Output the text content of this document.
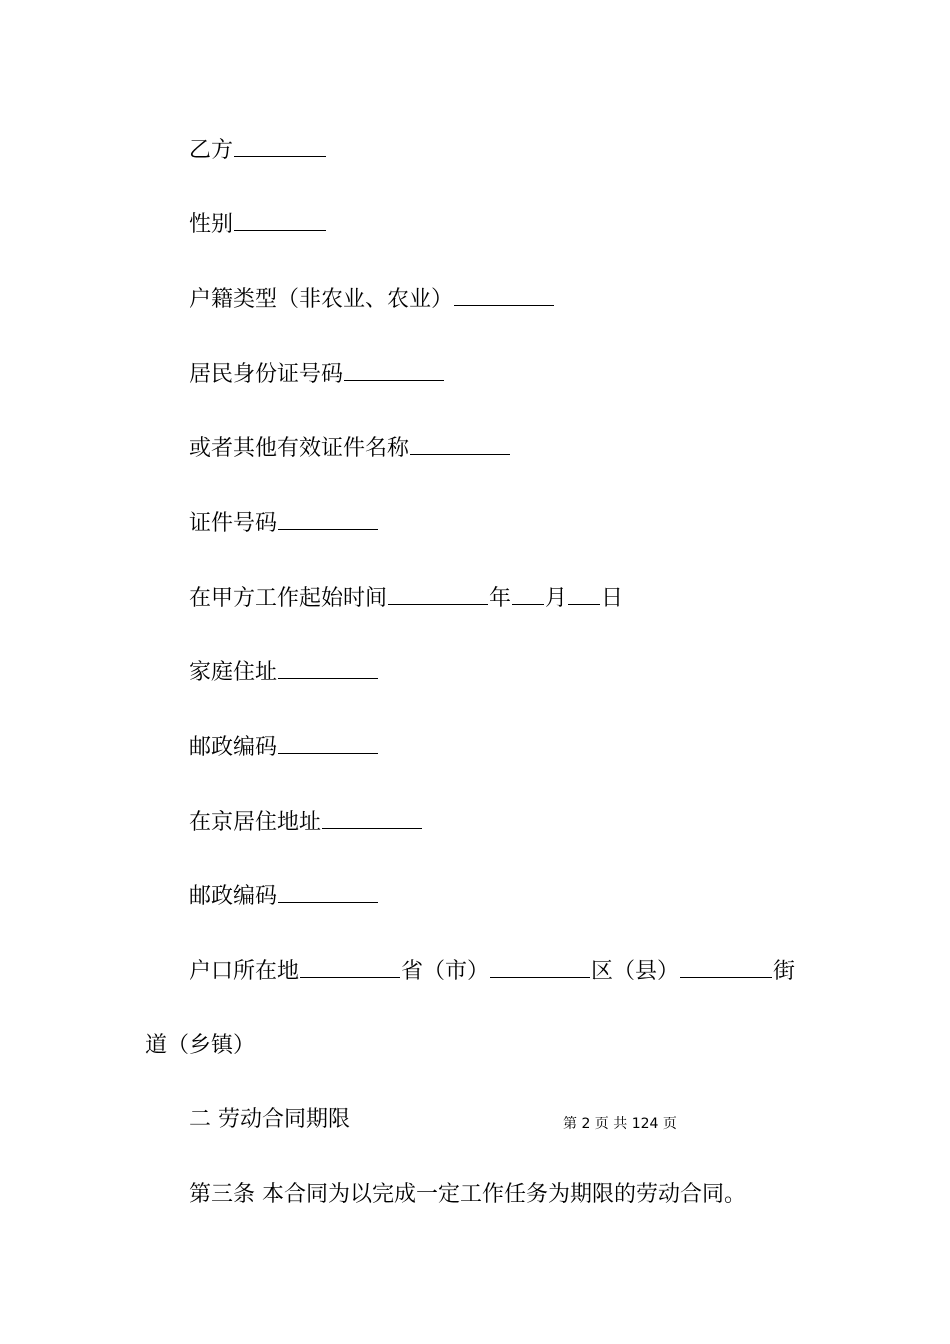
乙方
性别
户籍类型（非农业、农业）
居民身份证号码
或者其他有效证件名称
证件号码
在甲方工作起始时间	年 月 日
家庭住址
邮政编码
在京居住地址
邮政编码
户口所在地	省（市）	区（县）	街
道（乡镇）
二 劳动合同期限	第 2 页 共 124 页
第三条 本合同为以完成一定工作任务为期限的劳动合同。
